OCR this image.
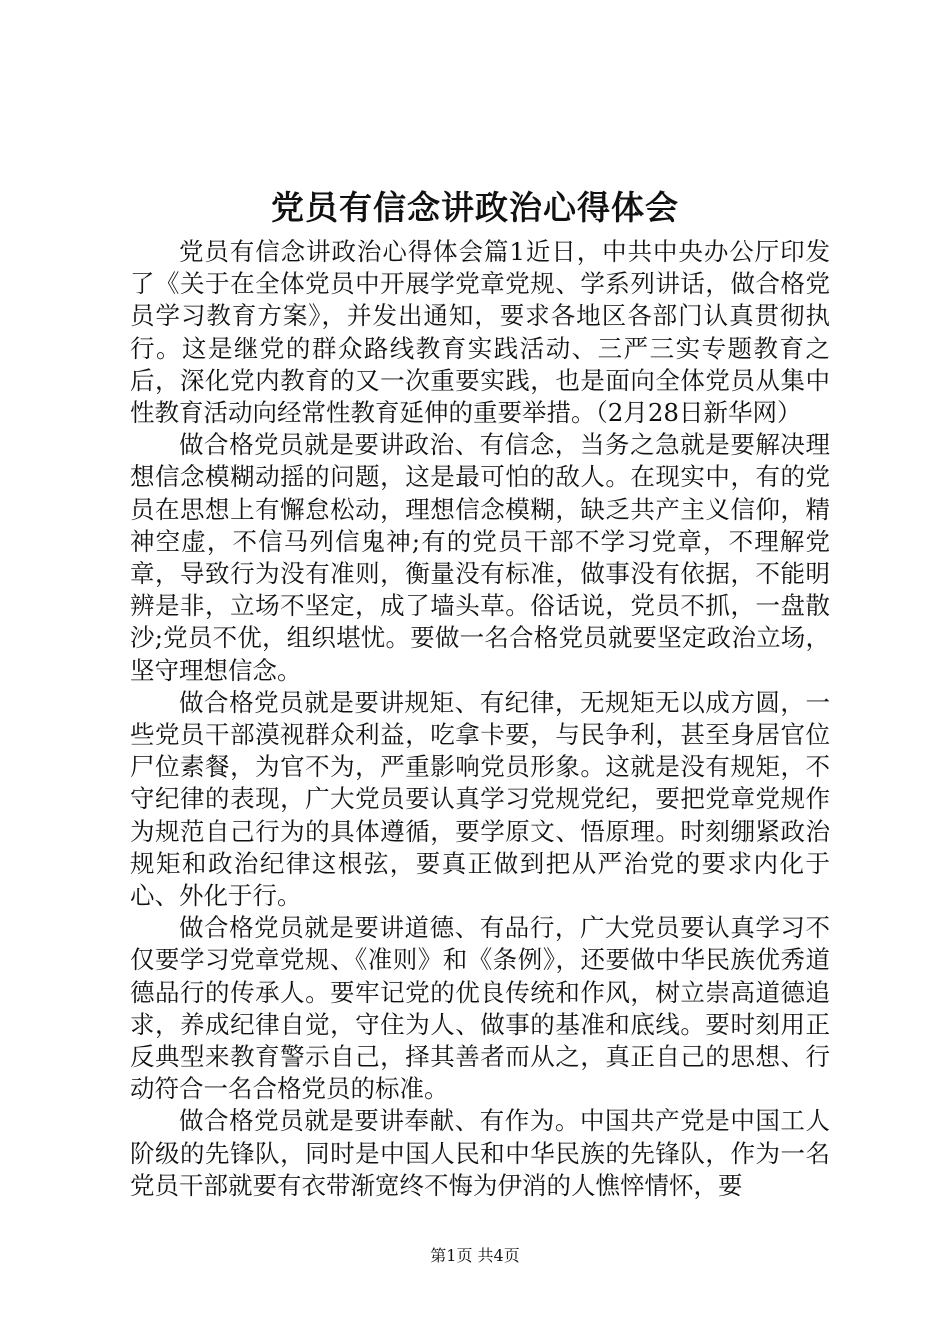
党员有信念讲政治心得体会

党员有信念讲政治心得体会篇1近日，中共中央办公厅印发了《关于在全体党员中开展学党章党规、学系列讲话，做合格党员学习教育方案》，并发出通知，要求各地区各部门认真贯彻执行。这是继党的群众路线教育实践活动、三严三实专题教育之后，深化党内教育的又一次重要实践，也是面向全体党员从集中性教育活动向经常性教育延伸的重要举措。（2月28日新华网）

做合格党员就是要讲政治、有信念，当务之急就是要解决理想信念模糊动摇的问题，这是最可怕的敌人。在现实中，有的党员在思想上有懈怠松动，理想信念模糊，缺乏共产主义信仰，精神空虚，不信马列信鬼神;有的党员干部不学习党章，不理解党章，导致行为没有准则，衡量没有标准，做事没有依据，不能明辨是非，立场不坚定，成了墙头草。俗话说，党员不抓，一盘散沙;党员不优，组织堪忧。要做一名合格党员就要坚定政治立场，坚守理想信念。

做合格党员就是要讲规矩、有纪律，无规矩无以成方圆，一些党员干部漠视群众利益，吃拿卡要，与民争利，甚至身居官位尸位素餐，为官不为，严重影响党员形象。这就是没有规矩，不守纪律的表现，广大党员要认真学习党规党纪，要把党章党规作为规范自己行为的具体遵循，要学原文、悟原理。时刻绷紧政治规矩和政治纪律这根弦，要真正做到把从严治党的要求内化于心、外化于行。

做合格党员就是要讲道德、有品行，广大党员要认真学习不仅要学习党章党规、《准则》和《条例》，还要做中华民族优秀道德品行的传承人。要牢记党的优良传统和作风，树立崇高道德追求，养成纪律自觉，守住为人、做事的基准和底线。要时刻用正反典型来教育警示自己，择其善者而从之，真正自己的思想、行动符合一名合格党员的标准。

做合格党员就是要讲奉献、有作为。中国共产党是中国工人阶级的先锋队，同时是中国人民和中华民族的先锋队，作为一名党员干部就要有衣带渐宽终不悔为伊消的人憔悴情怀，要

第1页 共4页
